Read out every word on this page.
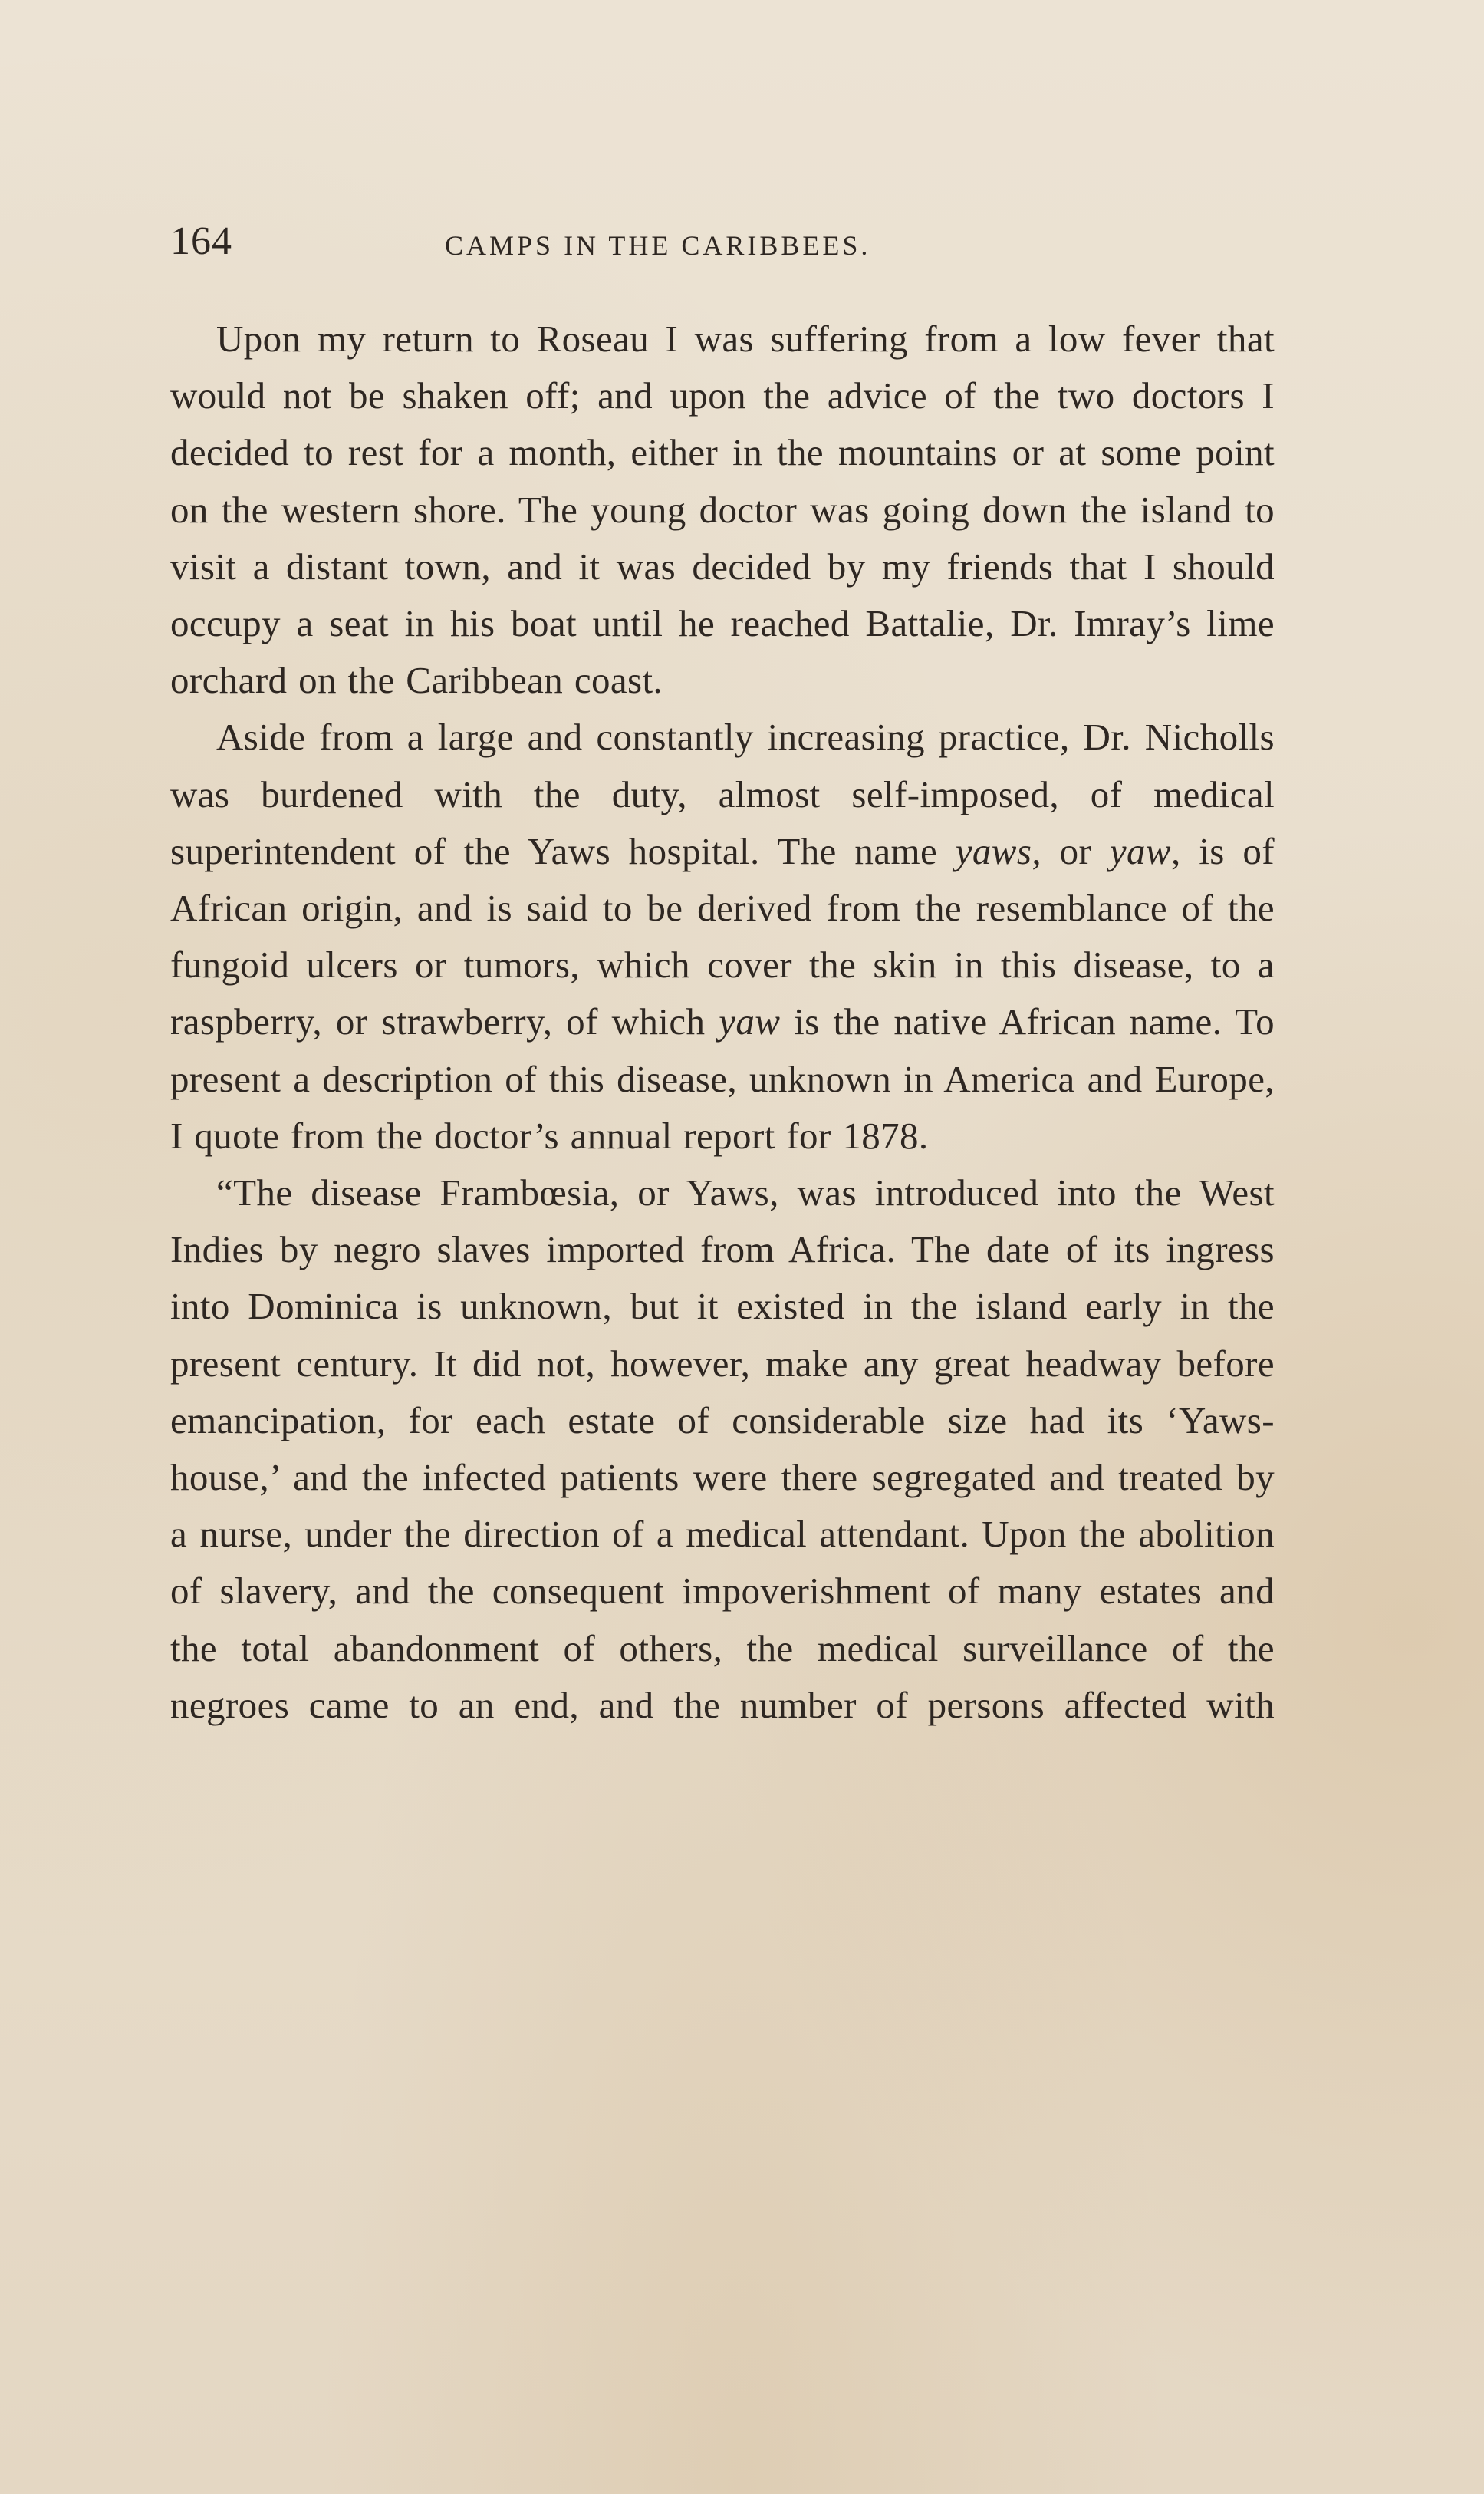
164	CAMPS IN THE CARIBBEES.

Upon my return to Roseau I was suffering from a low fever that would not be shaken off; and upon the advice of the two doctors I decided to rest for a month, either in the mountains or at some point on the western shore. The young doctor was going down the island to visit a distant town, and it was decided by my friends that I should occupy a seat in his boat until he reached Battalie, Dr. Imray’s lime orchard on the Caribbean coast.

Aside from a large and constantly increasing practice, Dr. Nicholls was burdened with the duty, almost self-imposed, of medical superintendent of the Yaws hospital. The name yaws, or yaw, is of African origin, and is said to be derived from the resemblance of the fungoid ulcers or tumors, which cover the skin in this disease, to a raspberry, or strawberry, of which yaw is the native African name. To present a description of this disease, unknown in America and Europe, I quote from the doctor’s annual report for 1878.

“The disease Frambœsia, or Yaws, was introduced into the West Indies by negro slaves imported from Africa. The date of its ingress into Dominica is unknown, but it existed in the island early in the present century. It did not, however, make any great headway before emancipation, for each estate of considerable size had its ‘Yaws-house,’ and the infected patients were there segregated and treated by a nurse, under the direction of a medical attendant. Upon the abolition of slavery, and the consequent impoverishment of many estates and the total abandonment of others, the medical surveillance of the negroes came to an end, and the number of persons affected with
